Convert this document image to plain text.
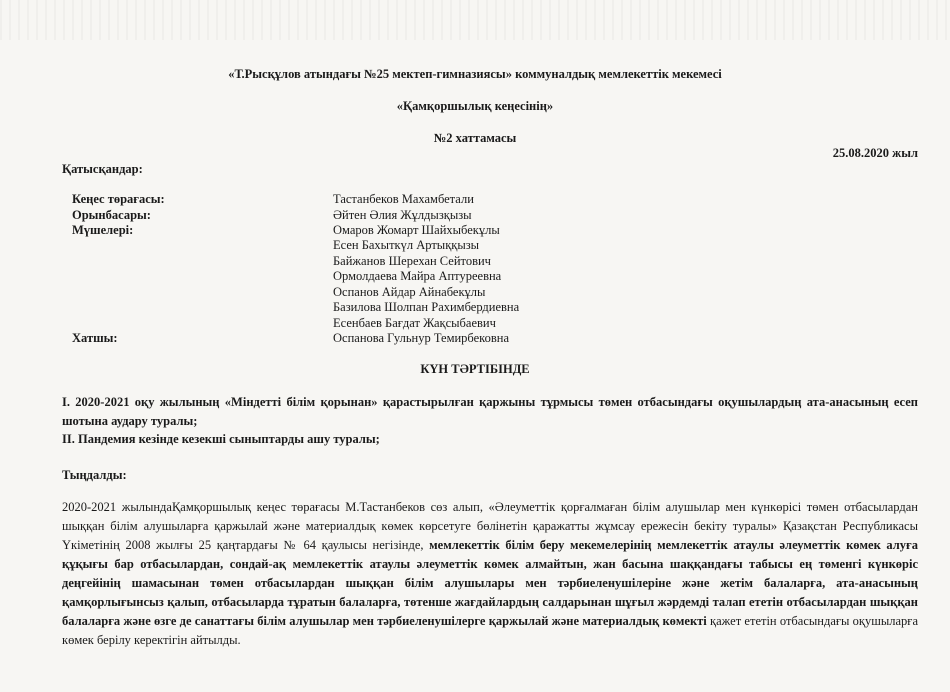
«Т.Рысқұлов атындағы №25 мектеп-гимназиясы» коммуналдық мемлекеттік мекемесі
«Қамқоршылық кеңесінің»
№2 хаттамасы
25.08.2020 жыл
Қатысқандар:
Кеңес төрағасы:	Тастанбеков Махамбетали
Орынбасары:	Әйтен Әлия Жұлдызқызы
Мүшелері:	Омаров Жомарт Шайхыбекұлы
Есен Бахыткүл Артыққызы
Байжанов Шерехан Сейтович
Ормолдаева Майра Аптуреевна
Оспанов Айдар Айнабекұлы
Базилова Шолпан Рахимбердиевна
Есенбаев Бағдат Жақсыбаевич
Хатшы:	Оспанова Гульнур Темирбековна
КҮН ТӘРТІБІНДЕ
I. 2020-2021 оқу жылының «Міндетті білім қорынан» қарастырылған қаржыны тұрмысы төмен отбасындағы оқушылардың ата-анасының есеп шотына аудару туралы;
II. Пандемия кезінде кезекші сыныптарды ашу туралы;
Тыңдалды:
2020-2021 жылындаҚамқоршылық кеңес төрағасы М.Тастанбеков сөз алып, «Әлеуметтік қорғалмаған білім алушылар мен күнкөрісі төмен отбасылардан шыққан білім алушыларға қаржылай және материалдық көмек көрсетуге бөлінетін қаражатты жұмсау ережесін бекіту туралы» Қазақстан Республикасы Үкіметінің 2008 жылғы 25 қаңтардағы № 64 қаулысы негізінде, мемлекеттік білім беру мекемелерінің мемлекеттік атаулы әлеуметтік көмек алуға құқығы бар отбасылардан, сондай-ақ мемлекеттік атаулы әлеуметтік көмек алмайтын, жан басына шаққандағы табысы ең төменгі күнкөріс деңгейінің шамасынан төмен отбасылардан шыққан білім алушылары мен тәрбиеленушілеріне және жетім балаларға, ата-анасының қамқорлығынсыз қалып, отбасыларда тұратын балаларға, төтенше жағдайлардың салдарынан шұғыл жәрдемді талап ететін отбасылардан шыққан балаларға және өзге де санаттағы білім алушылар мен тәрбиеленушілерге қаржылай және материалдық көмекті қажет ететін отбасындағы оқушыларға көмек берілу керектігін айтылды.
